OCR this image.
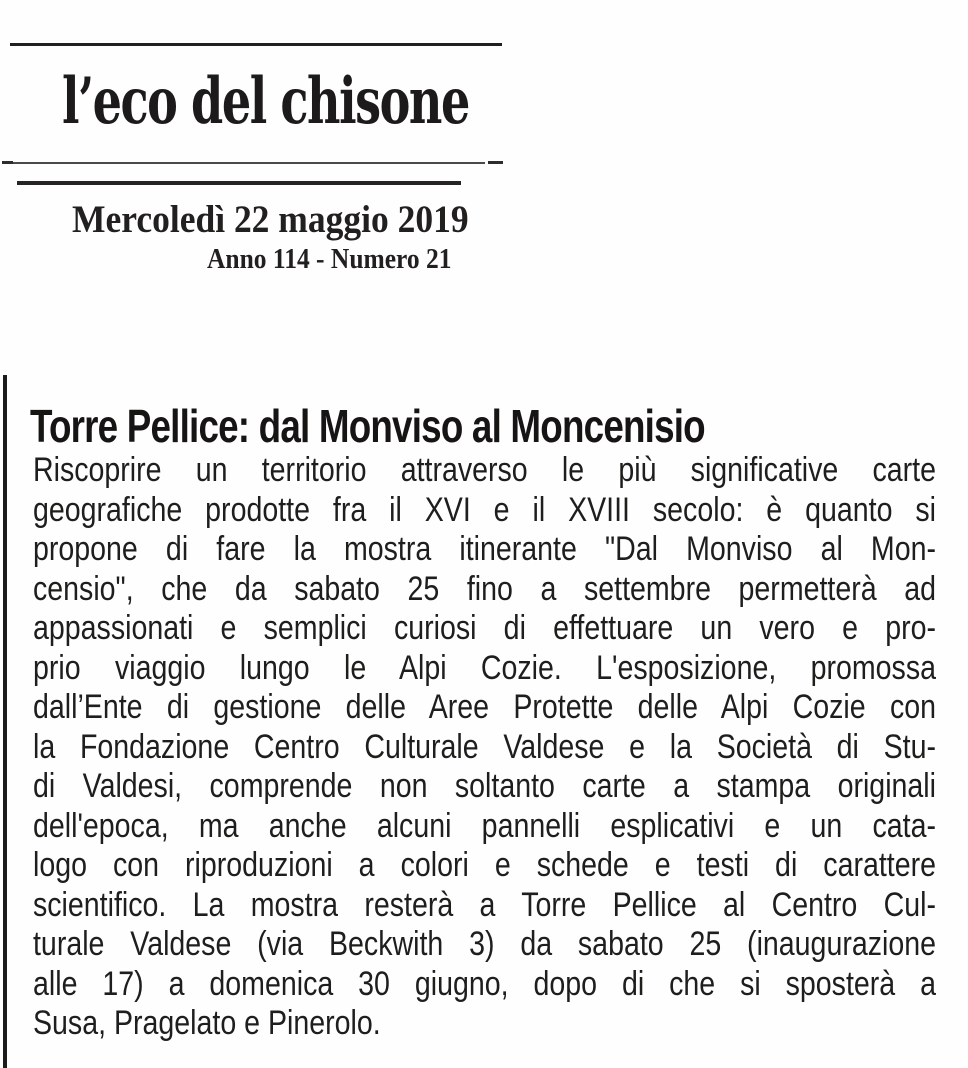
l’eco del chisone
Mercoledì 22 maggio 2019
Anno 114 - Numero 21
Torre Pellice: dal Monviso al Moncenisio
Riscoprire un territorio attraverso le più significative carte
geografiche prodotte fra il XVI e il XVIII secolo: è quanto si
propone di fare la mostra itinerante "Dal Monviso al Mon-
censio", che da sabato 25 fino a settembre permetterà ad
appassionati e semplici curiosi di effettuare un vero e pro-
prio viaggio lungo le Alpi Cozie. L'esposizione, promossa
dall’Ente di gestione delle Aree Protette delle Alpi Cozie con
la Fondazione Centro Culturale Valdese e la Società di Stu-
di Valdesi, comprende non soltanto carte a stampa originali
dell'epoca, ma anche alcuni pannelli esplicativi e un cata-
logo con riproduzioni a colori e schede e testi di carattere
scientifico. La mostra resterà a Torre Pellice al Centro Cul-
turale Valdese (via Beckwith 3) da sabato 25 (inaugurazione
alle 17) a domenica 30 giugno, dopo di che si sposterà a
Susa, Pragelato e Pinerolo.
